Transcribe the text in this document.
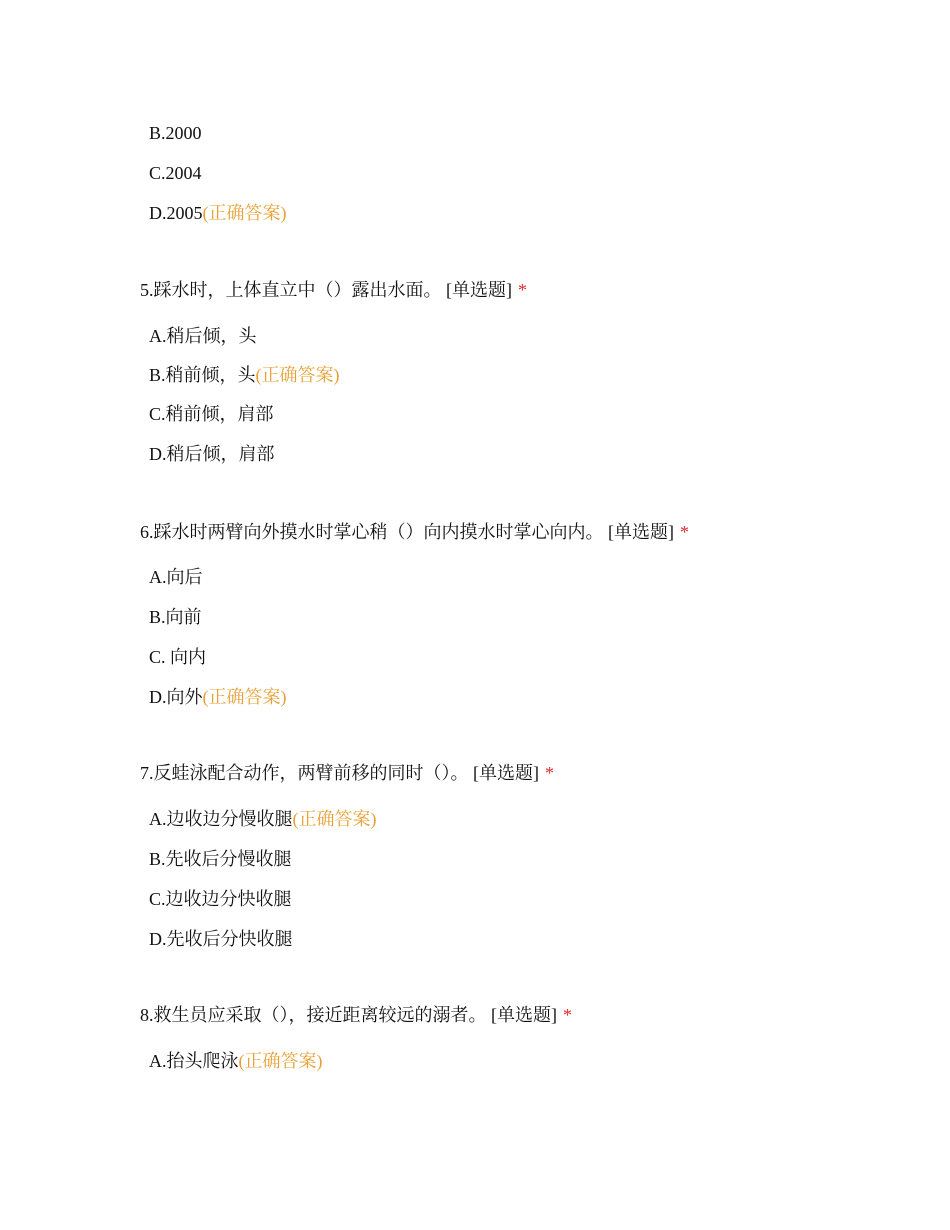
B.2000
C.2004
D.2005(正确答案)
5.踩水时，上体直立中（）露出水面。 [单选题] *
A.稍后倾，头
B.稍前倾，头(正确答案)
C.稍前倾，肩部
D.稍后倾，肩部
6.踩水时两臂向外摸水时掌心稍（）向内摸水时掌心向内。 [单选题] *
A.向后
B.向前
C. 向内
D.向外(正确答案)
7.反蛙泳配合动作，两臂前移的同时（）。 [单选题] *
A.边收边分慢收腿(正确答案)
B.先收后分慢收腿
C.边收边分快收腿
D.先收后分快收腿
8.救生员应采取（），接近距离较远的溺者。 [单选题] *
A.抬头爬泳(正确答案)
